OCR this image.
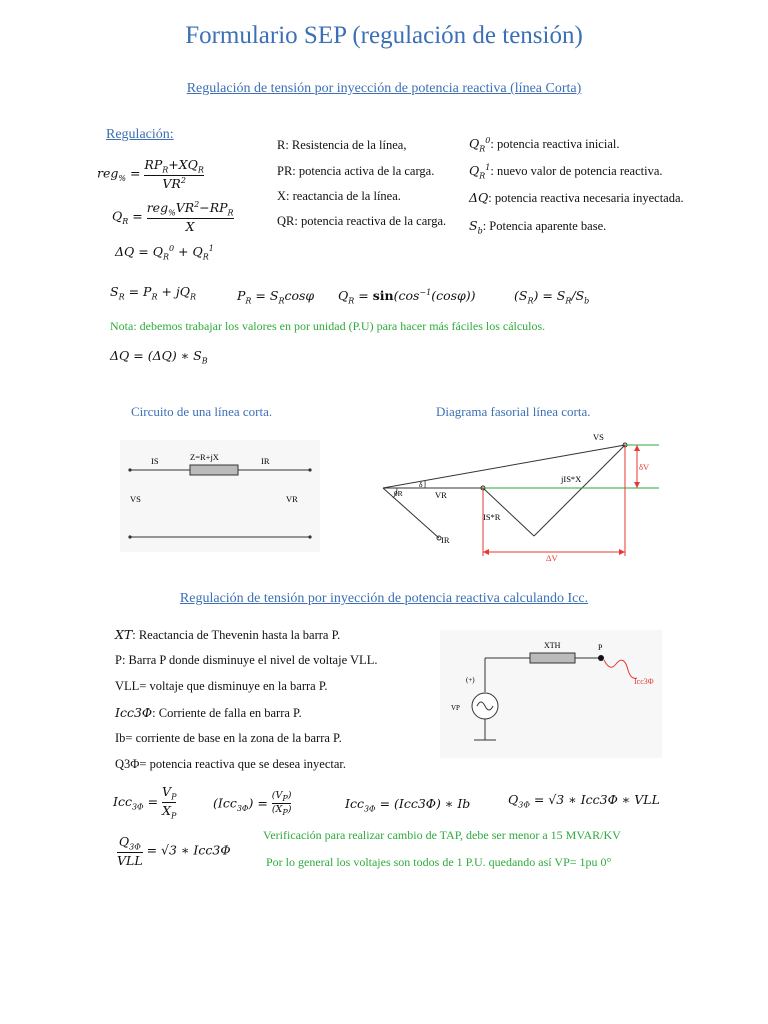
Formulario SEP (regulación de tensión)
Regulación de tensión por inyección de potencia reactiva (línea Corta)
Regulación:
$reg_{\%} = \frac{RP_R+XQ_R}{VR^2}$
$Q_R = \frac{reg_{\%}VR^2-RP_R}{X}$
$\Delta Q = Q_R^0 + Q_R^1$
R: Resistencia de la línea,
PR: potencia activa de la carga.
X: reactancia de la línea.
QR: potencia reactiva de la carga.
$Q_R^0$: potencia reactiva inicial.
$Q_R^1$: nuevo valor de potencia reactiva.
ΔQ: potencia reactiva necesaria inyectada.
$S_b$: Potencia aparente base.
$S_R = P_R + jQ_R$	$P_R = S_R\cos\varphi$ $Q_R = \sin(\cos^{-1}(\cos\varphi))$	$(S_R) = S_R/S_b$
Nota: debemos trabajar los valores en por unidad (P.U) para hacer más fáciles los cálculos.
ΔQ = (ΔQ) ∗ $S_B$
Circuito de una línea corta.	Diagrama fasorial línea corta.
IS	Z=R+jX	IR
VS	VR
VS
δV
jIS*X
VR
IS*R
IR
θR
δ
ΔV
Regulación de tensión por inyección de potencia reactiva calculando Icc.
XT: Reactancia de Thevenin hasta la barra P.
P: Barra P donde disminuye el nivel de voltaje VLL.
VLL= voltaje que disminuye en la barra P.
Icc3Φ: Corriente de falla en barra P.
Ib= corriente de base en la zona de la barra P.
Q3Φ= potencia reactiva que se desea inyectar.
XTH	P
Icc3Φ
(+)
VP
$Icc_{3\Phi} = \frac{V_P}{X_P}$	$(Icc_{3\Phi}) = \frac{(V_P)}{(X_P)}$	Icc$_{3\Phi}$ = (Icc3Φ) ∗ Ib	$Q_{3\Phi} = √3$ ∗ Icc3Φ ∗ VLL
Verificación para realizar cambio de TAP, debe ser menor a 15 MVAR/KV
$\frac{Q_{3\Phi}}{\text{VLL}} = √3$ ∗ Icc3Φ
Por lo general los voltajes son todos de 1 P.U. quedando así VP= 1pu 0°
